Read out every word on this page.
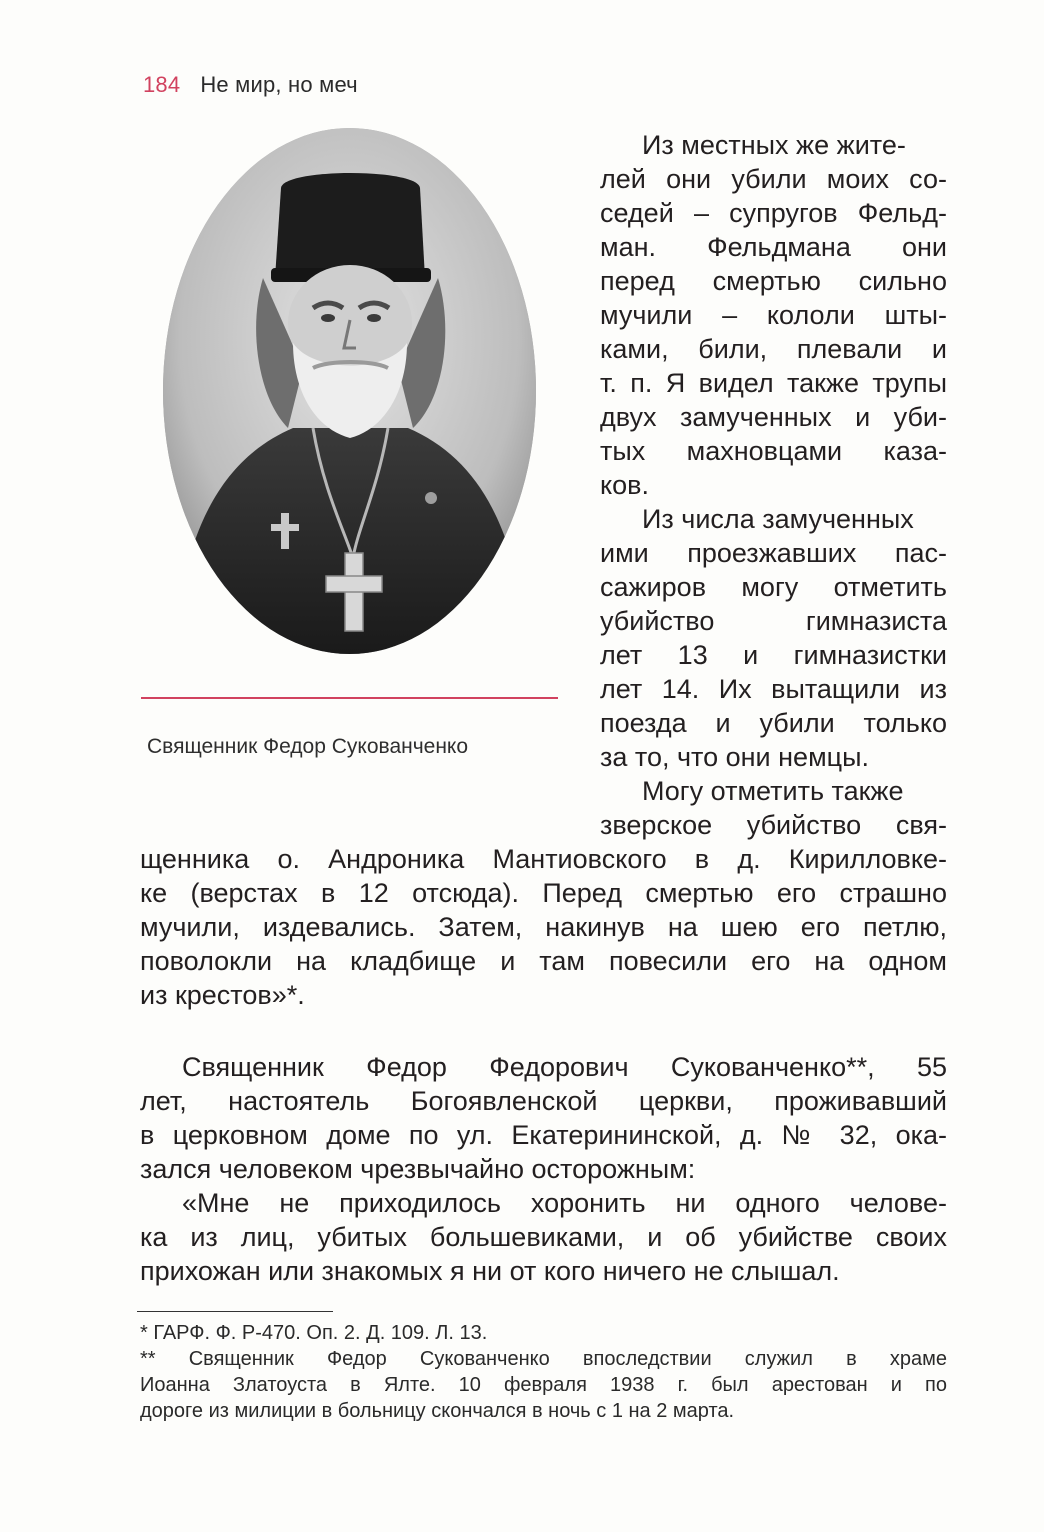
184 Не мир, но меч
Священник Федор Сукованченко
Из местных же жите-
лей они убили моих со-
седей – супругов Фельд-
ман. Фельдмана они
перед смертью сильно
мучили – кололи шты-
ками, били, плевали и
т. п. Я видел также трупы
двух замученных и уби-
тых махновцами каза-
ков.
Из числа замученных
ими проезжавших пас-
сажиров могу отметить
убийство гимназиста
лет 13 и гимназистки
лет 14. Их вытащили из
поезда и убили только
за то, что они немцы.
Могу отметить также
зверское убийство свя-
щенника о. Андроника Мантиовского в д. Кирилловке-
ке (верстах в 12 отсюда). Перед смертью его страшно
мучили, издевались. Затем, накинув на шею его петлю,
поволокли на кладбище и там повесили его на одном
из крестов»*.
Священник Федор Федорович Сукованченко**, 55
лет, настоятель Богоявленской церкви, проживавший
в церковном доме по ул. Екатерининской, д. № 32, ока-
зался человеком чрезвычайно осторожным:
«Мне не приходилось хоронить ни одного челове-
ка из лиц, убитых большевиками, и об убийстве своих
прихожан или знакомых я ни от кого ничего не слышал.
* ГАРФ. Ф. Р-470. Оп. 2. Д. 109. Л. 13.
** Священник Федор Сукованченко впоследствии служил в храме
Иоанна Златоуста в Ялте. 10 февраля 1938 г. был арестован и по
дороге из милиции в больницу скончался в ночь с 1 на 2 марта.
